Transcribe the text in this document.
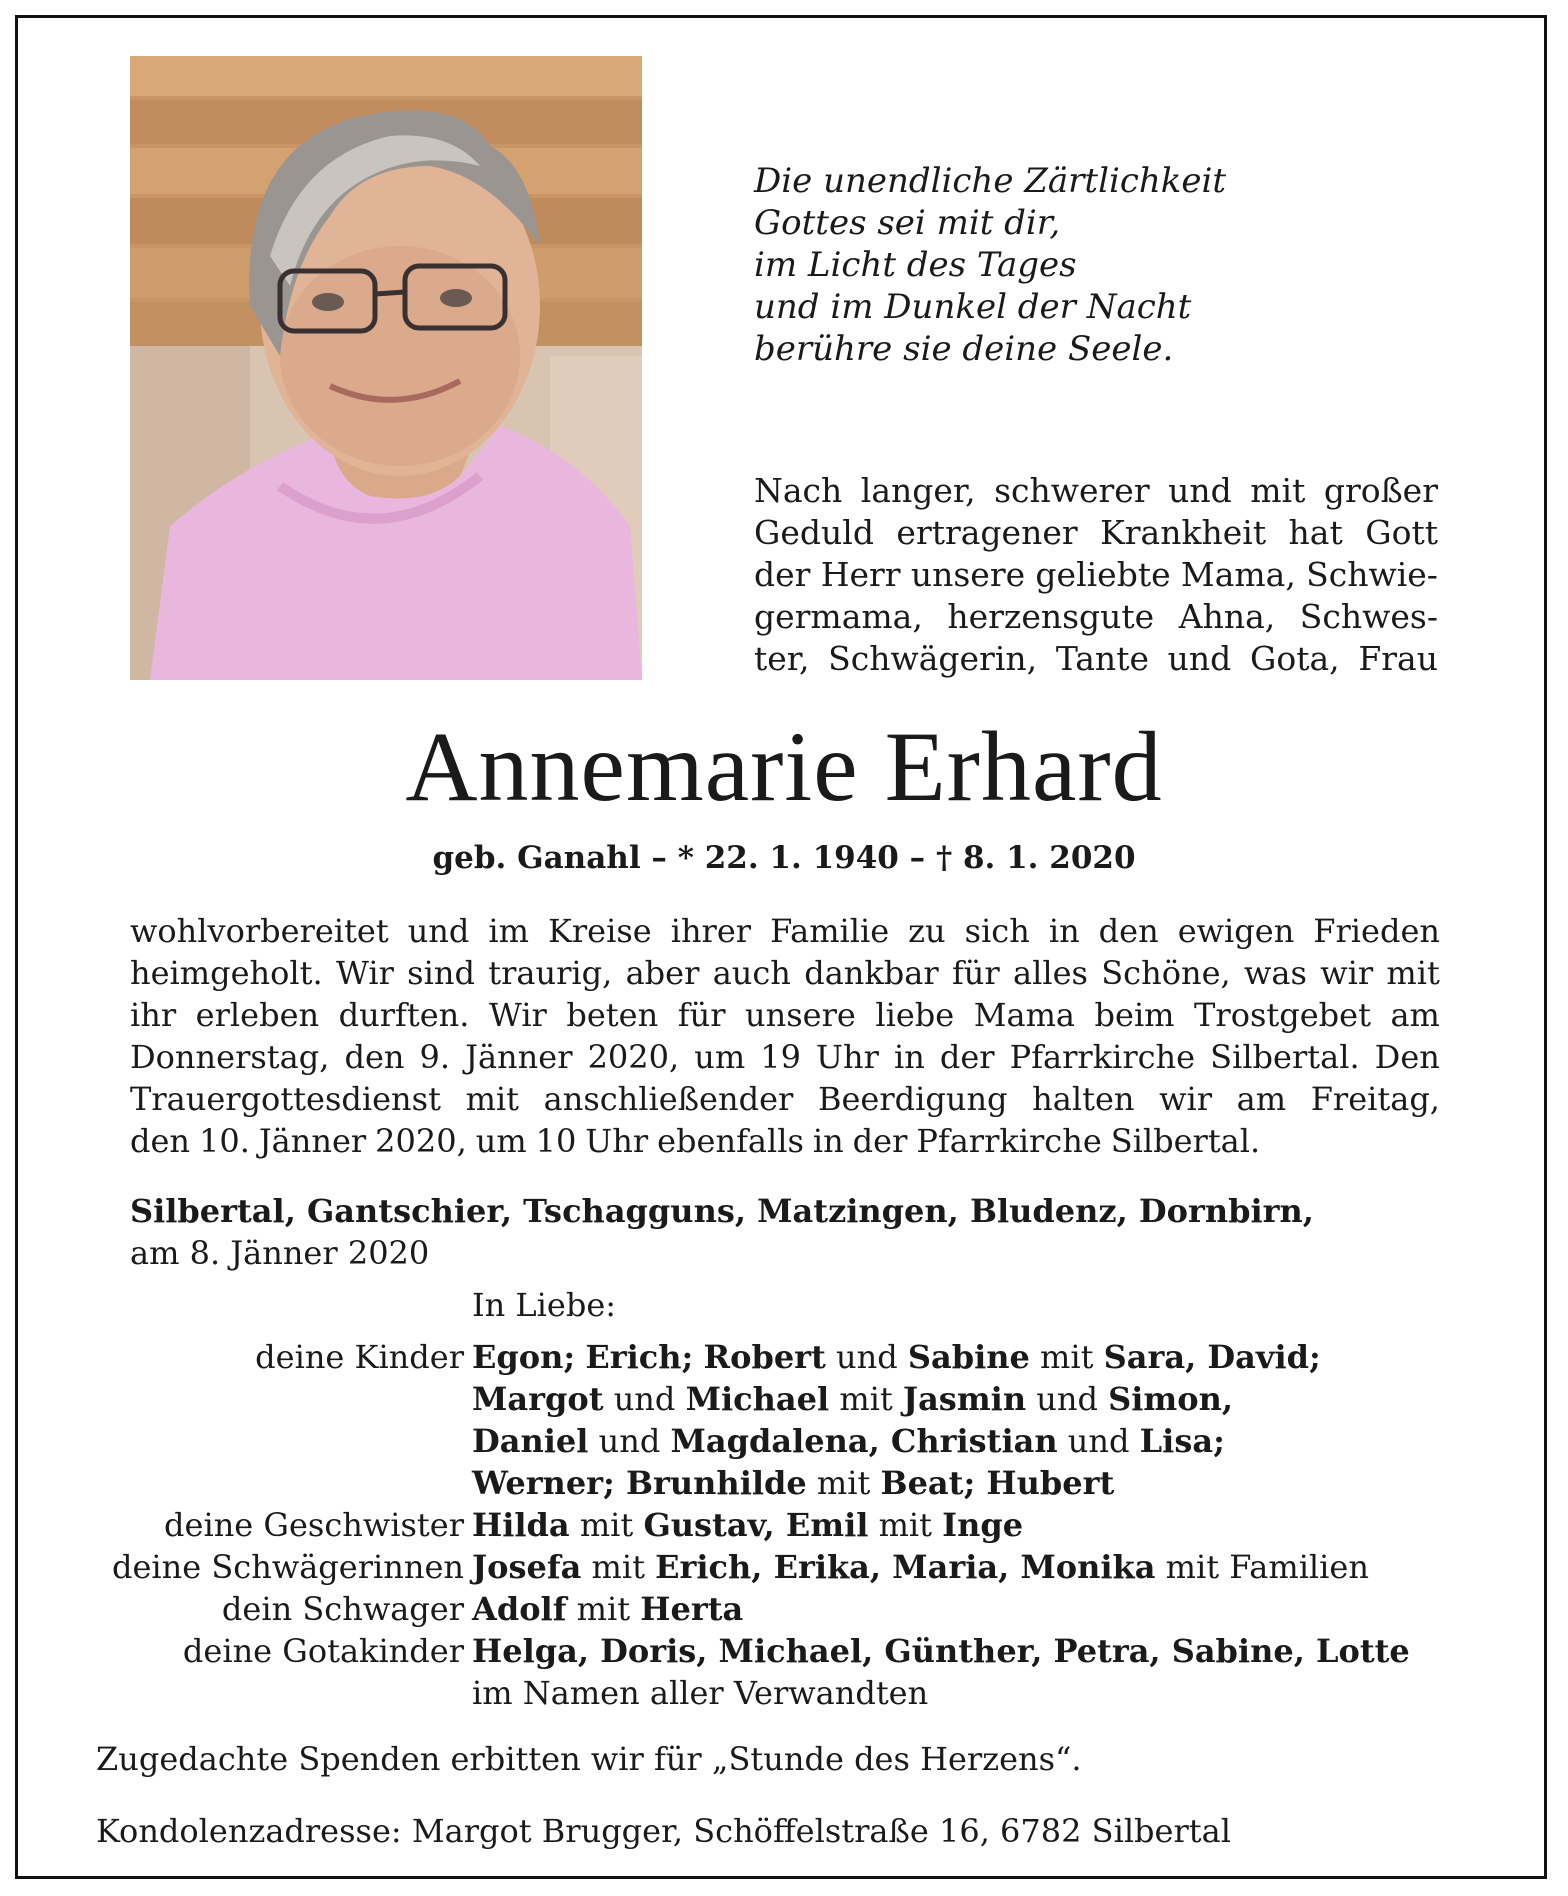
Die unendliche Zärtlichkeit
Gottes sei mit dir,
im Licht des Tages
und im Dunkel der Nacht
berühre sie deine Seele.
Nach langer, schwerer und mit großer
Geduld ertragener Krankheit hat Gott
der Herr unsere geliebte Mama, Schwie-
germama, herzensgute Ahna, Schwes-
ter, Schwägerin, Tante und Gota, Frau
Annemarie Erhard
geb. Ganahl – * 22. 1. 1940 – † 8. 1. 2020
wohlvorbereitet und im Kreise ihrer Familie zu sich in den ewigen Frieden
heimgeholt. Wir sind traurig, aber auch dankbar für alles Schöne, was wir mit
ihr erleben durften. Wir beten für unsere liebe Mama beim Trostgebet am
Donnerstag, den 9. Jänner 2020, um 19 Uhr in der Pfarrkirche Silbertal. Den
Trauergottesdienst mit anschließender Beerdigung halten wir am Freitag,
den 10. Jänner 2020, um 10 Uhr ebenfalls in der Pfarrkirche Silbertal.
Silbertal, Gantschier, Tschagguns, Matzingen, Bludenz, Dornbirn,
am 8. Jänner 2020
In Liebe:
deine Kinder Egon; Erich; Robert und Sabine mit Sara, David;
Margot und Michael mit Jasmin und Simon,
Daniel und Magdalena, Christian und Lisa;
Werner; Brunhilde mit Beat; Hubert
deine Geschwister Hilda mit Gustav, Emil mit Inge
deine Schwägerinnen Josefa mit Erich, Erika, Maria, Monika mit Familien
dein Schwager Adolf mit Herta
deine Gotakinder Helga, Doris, Michael, Günther, Petra, Sabine, Lotte
im Namen aller Verwandten
Zugedachte Spenden erbitten wir für „Stunde des Herzens“.
Kondolenzadresse: Margot Brugger, Schöffelstraße 16, 6782 Silbertal
